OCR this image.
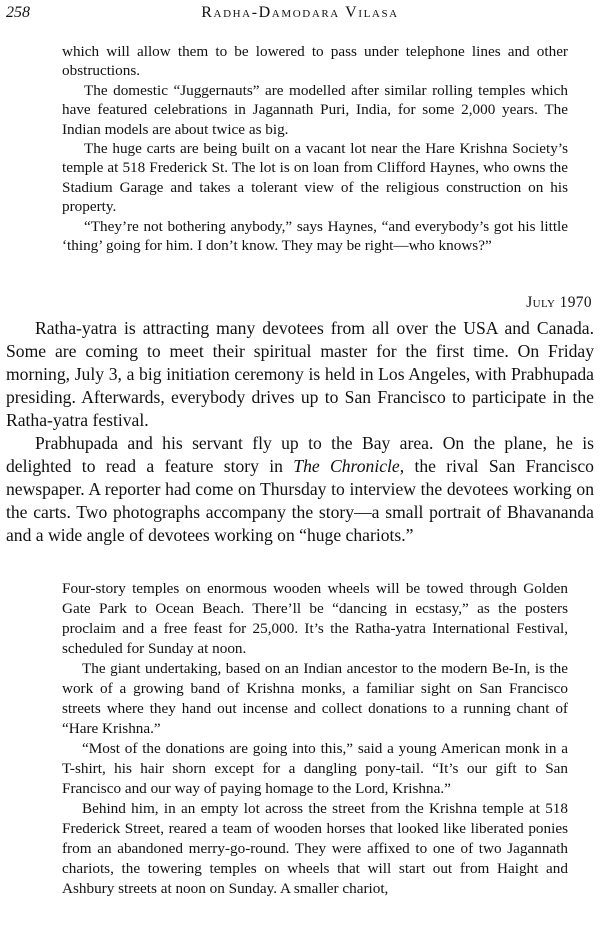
258	Radha-Damodara Vilasa

which will allow them to be lowered to pass under telephone lines and other obstructions.

The domestic “Juggernauts” are modelled after similar rolling temples which have featured celebrations in Jagannath Puri, India, for some 2,000 years. The Indian models are about twice as big.

The huge carts are being built on a vacant lot near the Hare Krishna Society’s temple at 518 Frederick St. The lot is on loan from Clifford Haynes, who owns the Stadium Garage and takes a tolerant view of the religious construction on his property.

“They’re not bothering anybody,” says Haynes, “and everybody’s got his little ‘thing’ going for him. I don’t know. They may be right—who knows?”

July 1970

Ratha-yatra is attracting many devotees from all over the USA and Canada. Some are coming to meet their spiritual master for the first time. On Friday morning, July 3, a big initiation ceremony is held in Los Angeles, with Prabhupada presiding. Afterwards, everybody drives up to San Francisco to participate in the Ratha-yatra festival.

Prabhupada and his servant fly up to the Bay area. On the plane, he is delighted to read a feature story in The Chronicle, the rival San Francisco newspaper. A reporter had come on Thursday to interview the devotees working on the carts. Two photographs accompany the story—a small portrait of Bhavananda and a wide angle of devotees working on “huge chariots.”

Four-story temples on enormous wooden wheels will be towed through Golden Gate Park to Ocean Beach. There’ll be “dancing in ecstasy,” as the posters proclaim and a free feast for 25,000. It’s the Ratha-yatra International Festival, scheduled for Sunday at noon.

The giant undertaking, based on an Indian ancestor to the modern Be-In, is the work of a growing band of Krishna monks, a familiar sight on San Francisco streets where they hand out incense and collect donations to a running chant of “Hare Krishna.”

“Most of the donations are going into this,” said a young American monk in a T-shirt, his hair shorn except for a dangling pony-tail. “It’s our gift to San Francisco and our way of paying homage to the Lord, Krishna.”

Behind him, in an empty lot across the street from the Krishna temple at 518 Frederick Street, reared a team of wooden horses that looked like liberated ponies from an abandoned merry-go-round. They were affixed to one of two Jagannath chariots, the towering temples on wheels that will start out from Haight and Ashbury streets at noon on Sunday. A smaller chariot,
